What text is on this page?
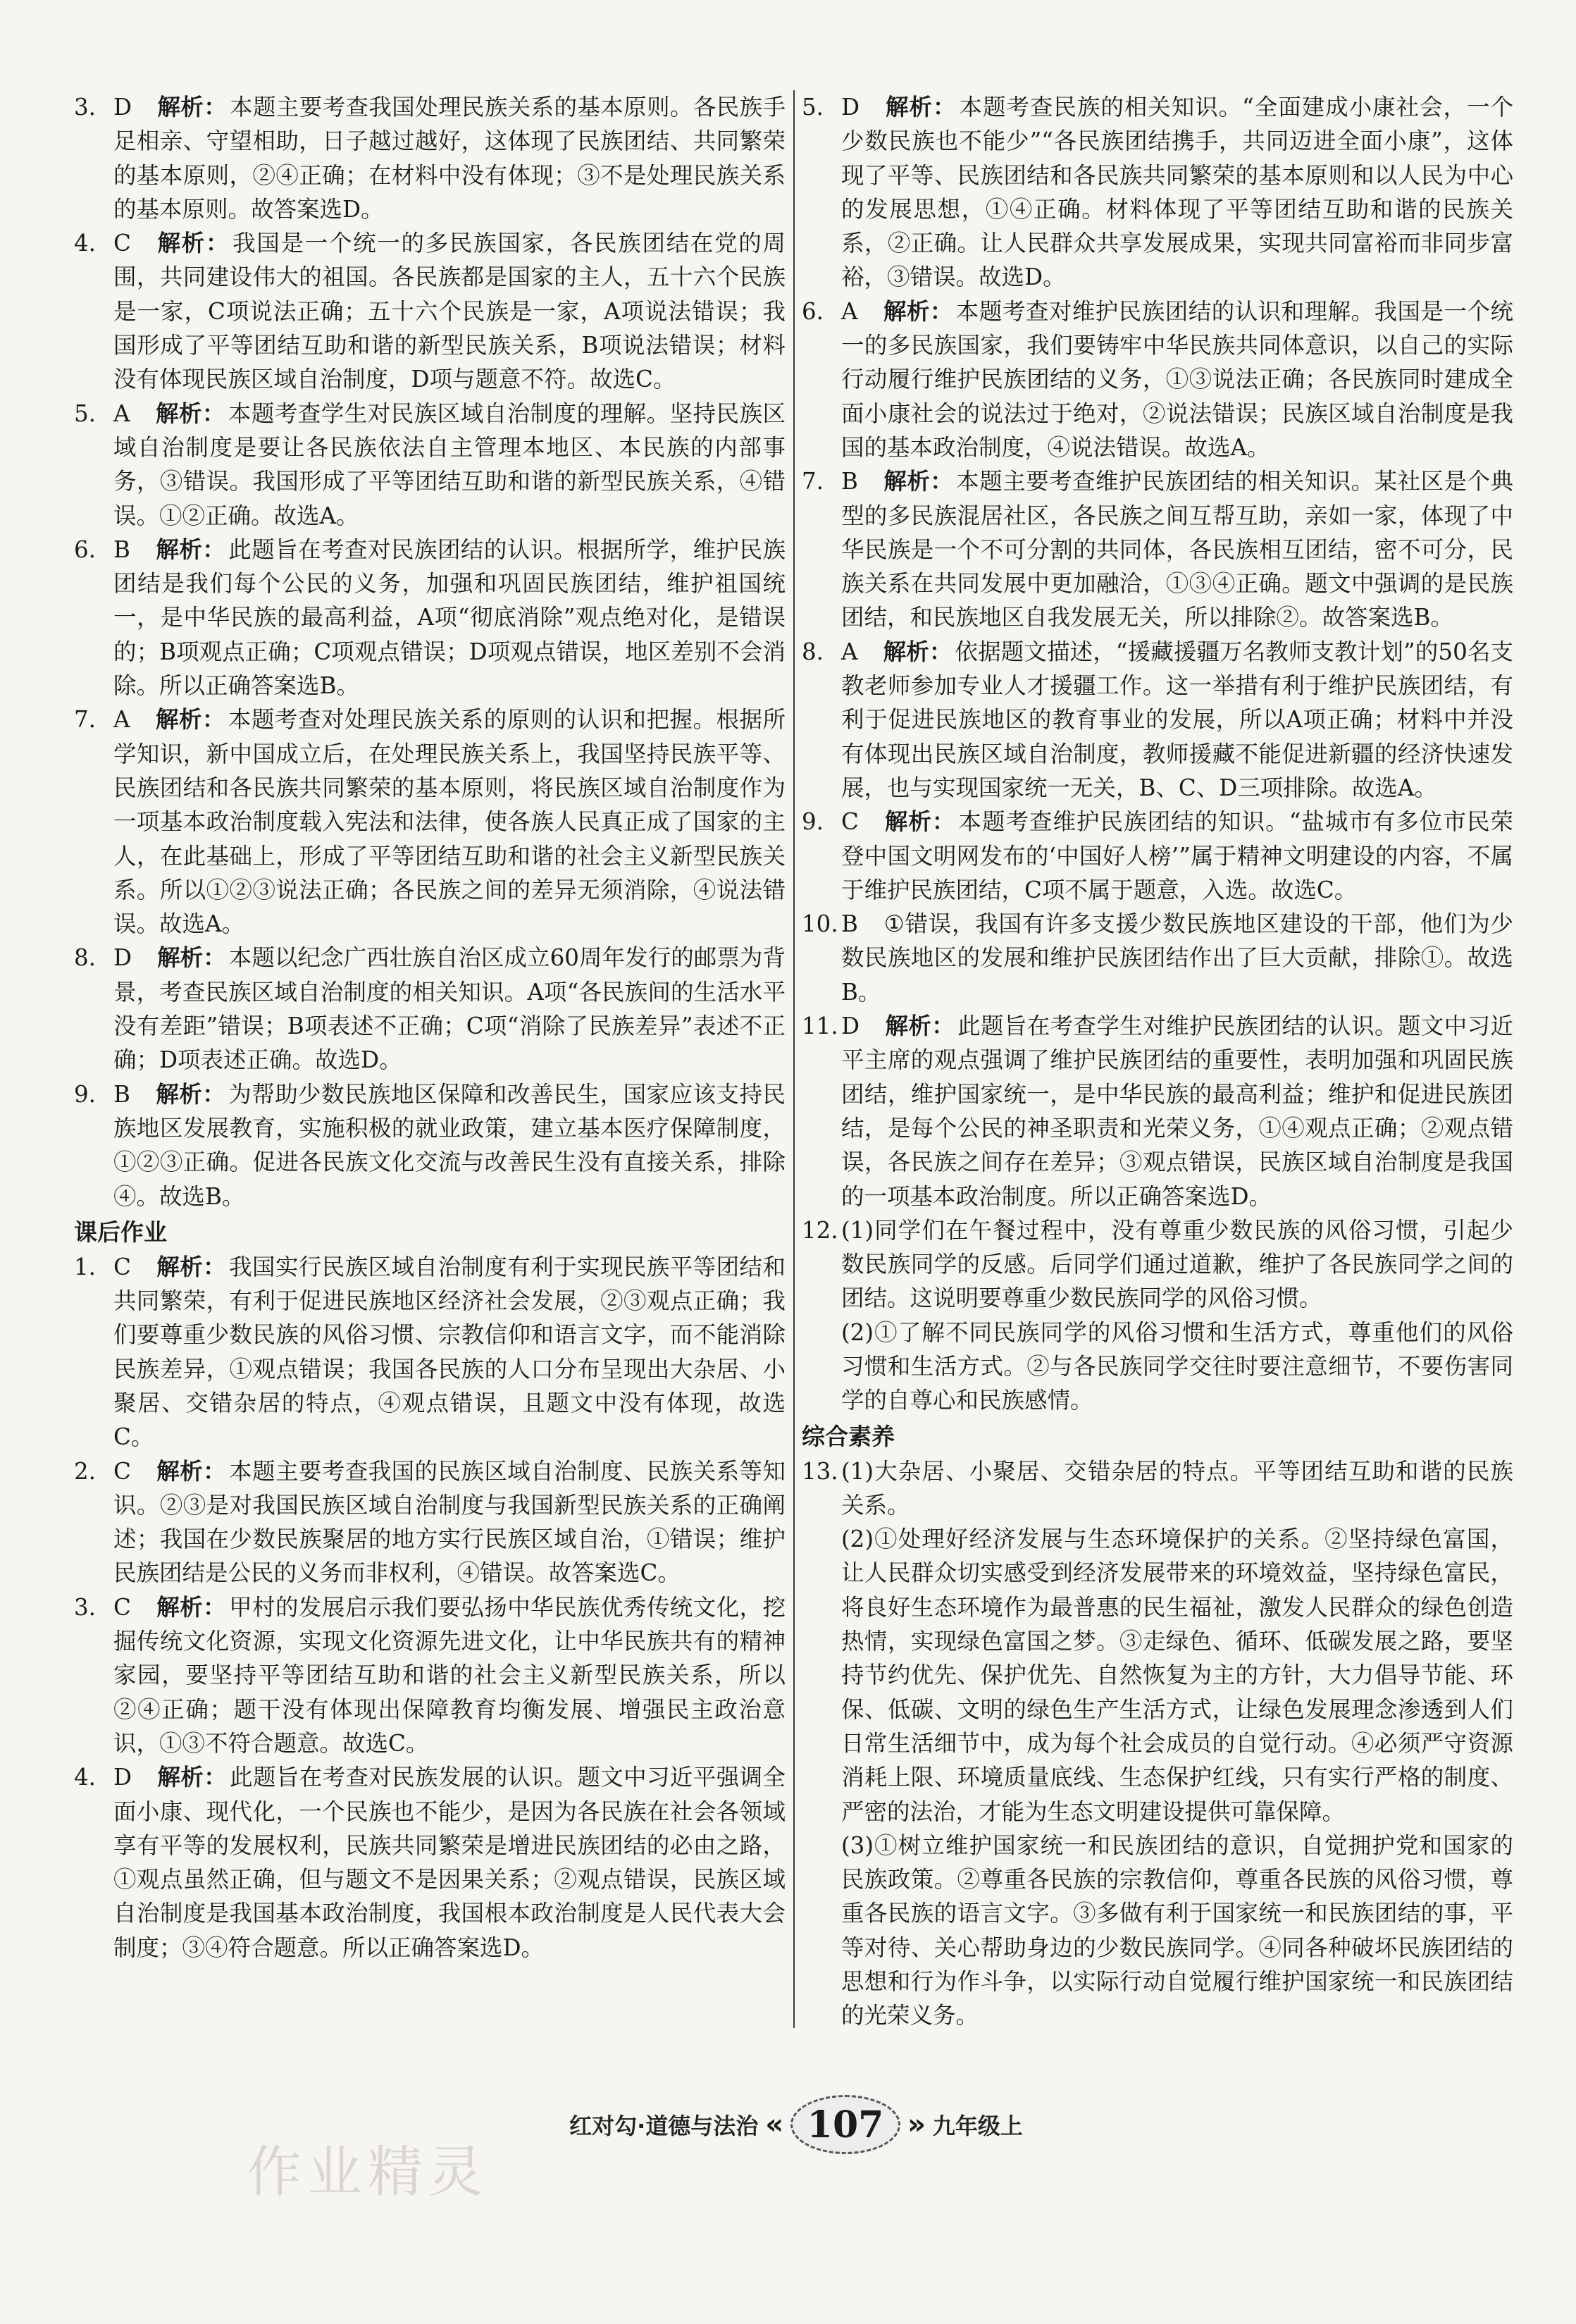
3. D 解析： 本题主要考查我国处理民族关系的基本原则。各民族手足相亲、守望相助，日子越过越好，这体现了民族团结、共同繁荣的基本原则，②④正确；在材料中没有体现；③不是处理民族关系的基本原则。故答案选D。
4. C 解析： 我国是一个统一的多民族国家，各民族团结在党的周围，共同建设伟大的祖国。各民族都是国家的主人，五十六个民族是一家，C项说法正确；五十六个民族是一家，A项说法错误；我国形成了平等团结互助和谐的新型民族关系，B项说法错误；材料没有体现民族区域自治制度，D项与题意不符。故选C。
5. A 解析： 本题考查学生对民族区域自治制度的理解。坚持民族区域自治制度是要让各民族依法自主管理本地区、本民族的内部事务，③错误。我国形成了平等团结互助和谐的新型民族关系，④错误。①②正确。故选A。
6. B 解析： 此题旨在考查对民族团结的认识。根据所学，维护民族团结是我们每个公民的义务，加强和巩固民族团结，维护祖国统一，是中华民族的最高利益，A项“彻底消除”观点绝对化，是错误的；B项观点正确；C项观点错误；D项观点错误，地区差别不会消除。所以正确答案选B。
7. A 解析： 本题考查对处理民族关系的原则的认识和把握。根据所学知识，新中国成立后，在处理民族关系上，我国坚持民族平等、民族团结和各民族共同繁荣的基本原则，将民族区域自治制度作为一项基本政治制度载入宪法和法律，使各族人民真正成了国家的主人，在此基础上，形成了平等团结互助和谐的社会主义新型民族关系。所以①②③说法正确；各民族之间的差异无须消除，④说法错误。故选A。
8. D 解析： 本题以纪念广西壮族自治区成立60周年发行的邮票为背景，考查民族区域自治制度的相关知识。A项“各民族间的生活水平没有差距”错误；B项表述不正确；C项“消除了民族差异”表述不正确；D项表述正确。故选D。
9. B 解析： 为帮助少数民族地区保障和改善民生，国家应该支持民族地区发展教育，实施积极的就业政策，建立基本医疗保障制度，①②③正确。促进各民族文化交流与改善民生没有直接关系，排除④。故选B。
课后作业
1. C 解析： 我国实行民族区域自治制度有利于实现民族平等团结和共同繁荣，有利于促进民族地区经济社会发展，②③观点正确；我们要尊重少数民族的风俗习惯、宗教信仰和语言文字，而不能消除民族差异，①观点错误；我国各民族的人口分布呈现出大杂居、小聚居、交错杂居的特点，④观点错误，且题文中没有体现，故选C。
2. C 解析： 本题主要考查我国的民族区域自治制度、民族关系等知识。②③是对我国民族区域自治制度与我国新型民族关系的正确阐述；我国在少数民族聚居的地方实行民族区域自治，①错误；维护民族团结是公民的义务而非权利，④错误。故答案选C。
3. C 解析： 甲村的发展启示我们要弘扬中华民族优秀传统文化，挖掘传统文化资源，实现文化资源先进文化，让中华民族共有的精神家园，要坚持平等团结互助和谐的社会主义新型民族关系，所以②④正确；题干没有体现出保障教育均衡发展、增强民主政治意识，①③不符合题意。故选C。
4. D 解析： 此题旨在考查对民族发展的认识。题文中习近平强调全面小康、现代化，一个民族也不能少，是因为各民族在社会各领域享有平等的发展权利，民族共同繁荣是增进民族团结的必由之路，①观点虽然正确，但与题文不是因果关系；②观点错误，民族区域自治制度是我国基本政治制度，我国根本政治制度是人民代表大会制度；③④符合题意。所以正确答案选D。
5. D 解析： 本题考查民族的相关知识。“全面建成小康社会，一个少数民族也不能少”“各民族团结携手，共同迈进全面小康”，这体现了平等、民族团结和各民族共同繁荣的基本原则和以人民为中心的发展思想，①④正确。材料体现了平等团结互助和谐的民族关系，②正确。让人民群众共享发展成果，实现共同富裕而非同步富裕，③错误。故选D。
6. A 解析： 本题考查对维护民族团结的认识和理解。我国是一个统一的多民族国家，我们要铸牢中华民族共同体意识，以自己的实际行动履行维护民族团结的义务，①③说法正确；各民族同时建成全面小康社会的说法过于绝对，②说法错误；民族区域自治制度是我国的基本政治制度，④说法错误。故选A。
7. B 解析： 本题主要考查维护民族团结的相关知识。某社区是个典型的多民族混居社区，各民族之间互帮互助，亲如一家，体现了中华民族是一个不可分割的共同体，各民族相互团结，密不可分，民族关系在共同发展中更加融洽，①③④正确。题文中强调的是民族团结，和民族地区自我发展无关，所以排除②。故答案选B。
8. A 解析： 依据题文描述，“援藏援疆万名教师支教计划”的50名支教老师参加专业人才援疆工作。这一举措有利于维护民族团结，有利于促进民族地区的教育事业的发展，所以A项正确；材料中并没有体现出民族区域自治制度，教师援藏不能促进新疆的经济快速发展，也与实现国家统一无关，B、C、D三项排除。故选A。
9. C 解析： 本题考查维护民族团结的知识。“盐城市有多位市民荣登中国文明网发布的‘中国好人榜’”属于精神文明建设的内容，不属于维护民族团结，C项不属于题意，入选。故选C。
10. B ①错误，我国有许多支援少数民族地区建设的干部，他们为少数民族地区的发展和维护民族团结作出了巨大贡献，排除①。故选B。
11. D 解析： 此题旨在考查学生对维护民族团结的认识。题文中习近平主席的观点强调了维护民族团结的重要性，表明加强和巩固民族团结，维护国家统一，是中华民族的最高利益；维护和促进民族团结，是每个公民的神圣职责和光荣义务，①④观点正确；②观点错误，各民族之间存在差异；③观点错误，民族区域自治制度是我国的一项基本政治制度。所以正确答案选D。
12. (1)同学们在午餐过程中，没有尊重少数民族的风俗习惯，引起少数民族同学的反感。后同学们通过道歉，维护了各民族同学之间的团结。这说明要尊重少数民族同学的风俗习惯。
(2)①了解不同民族同学的风俗习惯和生活方式，尊重他们的风俗习惯和生活方式。②与各民族同学交往时要注意细节，不要伤害同学的自尊心和民族感情。
综合素养
13. (1)大杂居、小聚居、交错杂居的特点。平等团结互助和谐的民族关系。
(2)①处理好经济发展与生态环境保护的关系。②坚持绿色富国，让人民群众切实感受到经济发展带来的环境效益，坚持绿色富民，将良好生态环境作为最普惠的民生福祉，激发人民群众的绿色创造热情，实现绿色富国之梦。③走绿色、循环、低碳发展之路，要坚持节约优先、保护优先、自然恢复为主的方针，大力倡导节能、环保、低碳、文明的绿色生产生活方式，让绿色发展理念渗透到人们日常生活细节中，成为每个社会成员的自觉行动。④必须严守资源消耗上限、环境质量底线、生态保护红线，只有实行严格的制度、严密的法治，才能为生态文明建设提供可靠保障。
(3)①树立维护国家统一和民族团结的意识，自觉拥护党和国家的民族政策。②尊重各民族的宗教信仰，尊重各民族的风俗习惯，尊重各民族的语言文字。③多做有利于国家统一和民族团结的事，平等对待、关心帮助身边的少数民族同学。④同各种破坏民族团结的思想和行为作斗争，以实际行动自觉履行维护国家统一和民族团结的光荣义务。
作业精灵
红对勾·道德与法治 « 107 » 九年级上
